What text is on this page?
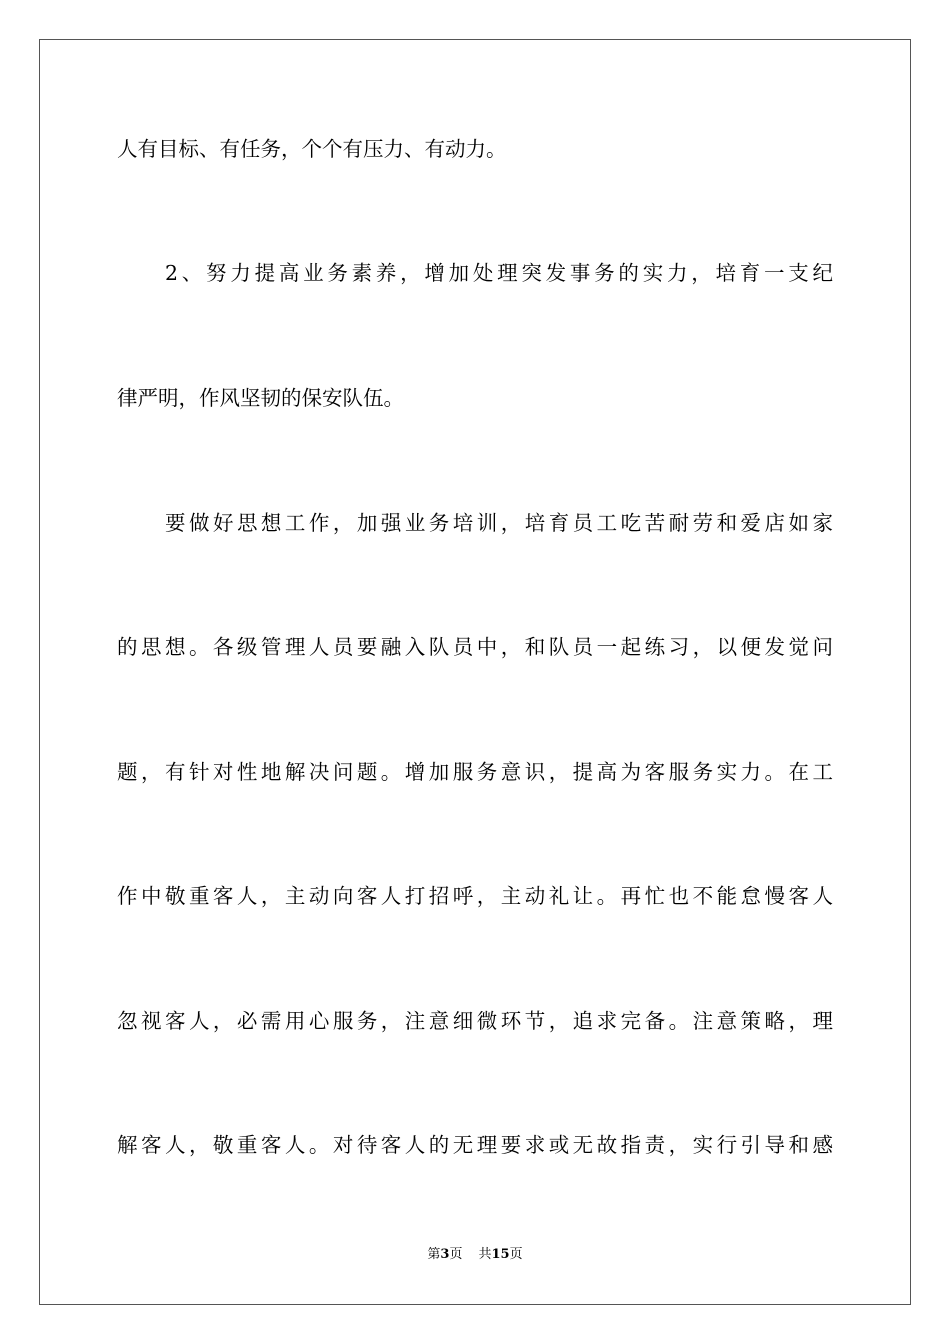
人有目标、有任务，个个有压力、有动力。
2、努力提高业务素养，增加处理突发事务的实力，培育一支纪
律严明，作风坚韧的保安队伍。
要做好思想工作，加强业务培训，培育员工吃苦耐劳和爱店如家
的思想。各级管理人员要融入队员中，和队员一起练习，以便发觉问
题，有针对性地解决问题。增加服务意识，提高为客服务实力。在工
作中敬重客人，主动向客人打招呼，主动礼让。再忙也不能怠慢客人
忽视客人，必需用心服务，注意细微环节，追求完备。注意策略，理
解客人，敬重客人。对待客人的无理要求或无故指责，实行引导和感
第3页 共15页
